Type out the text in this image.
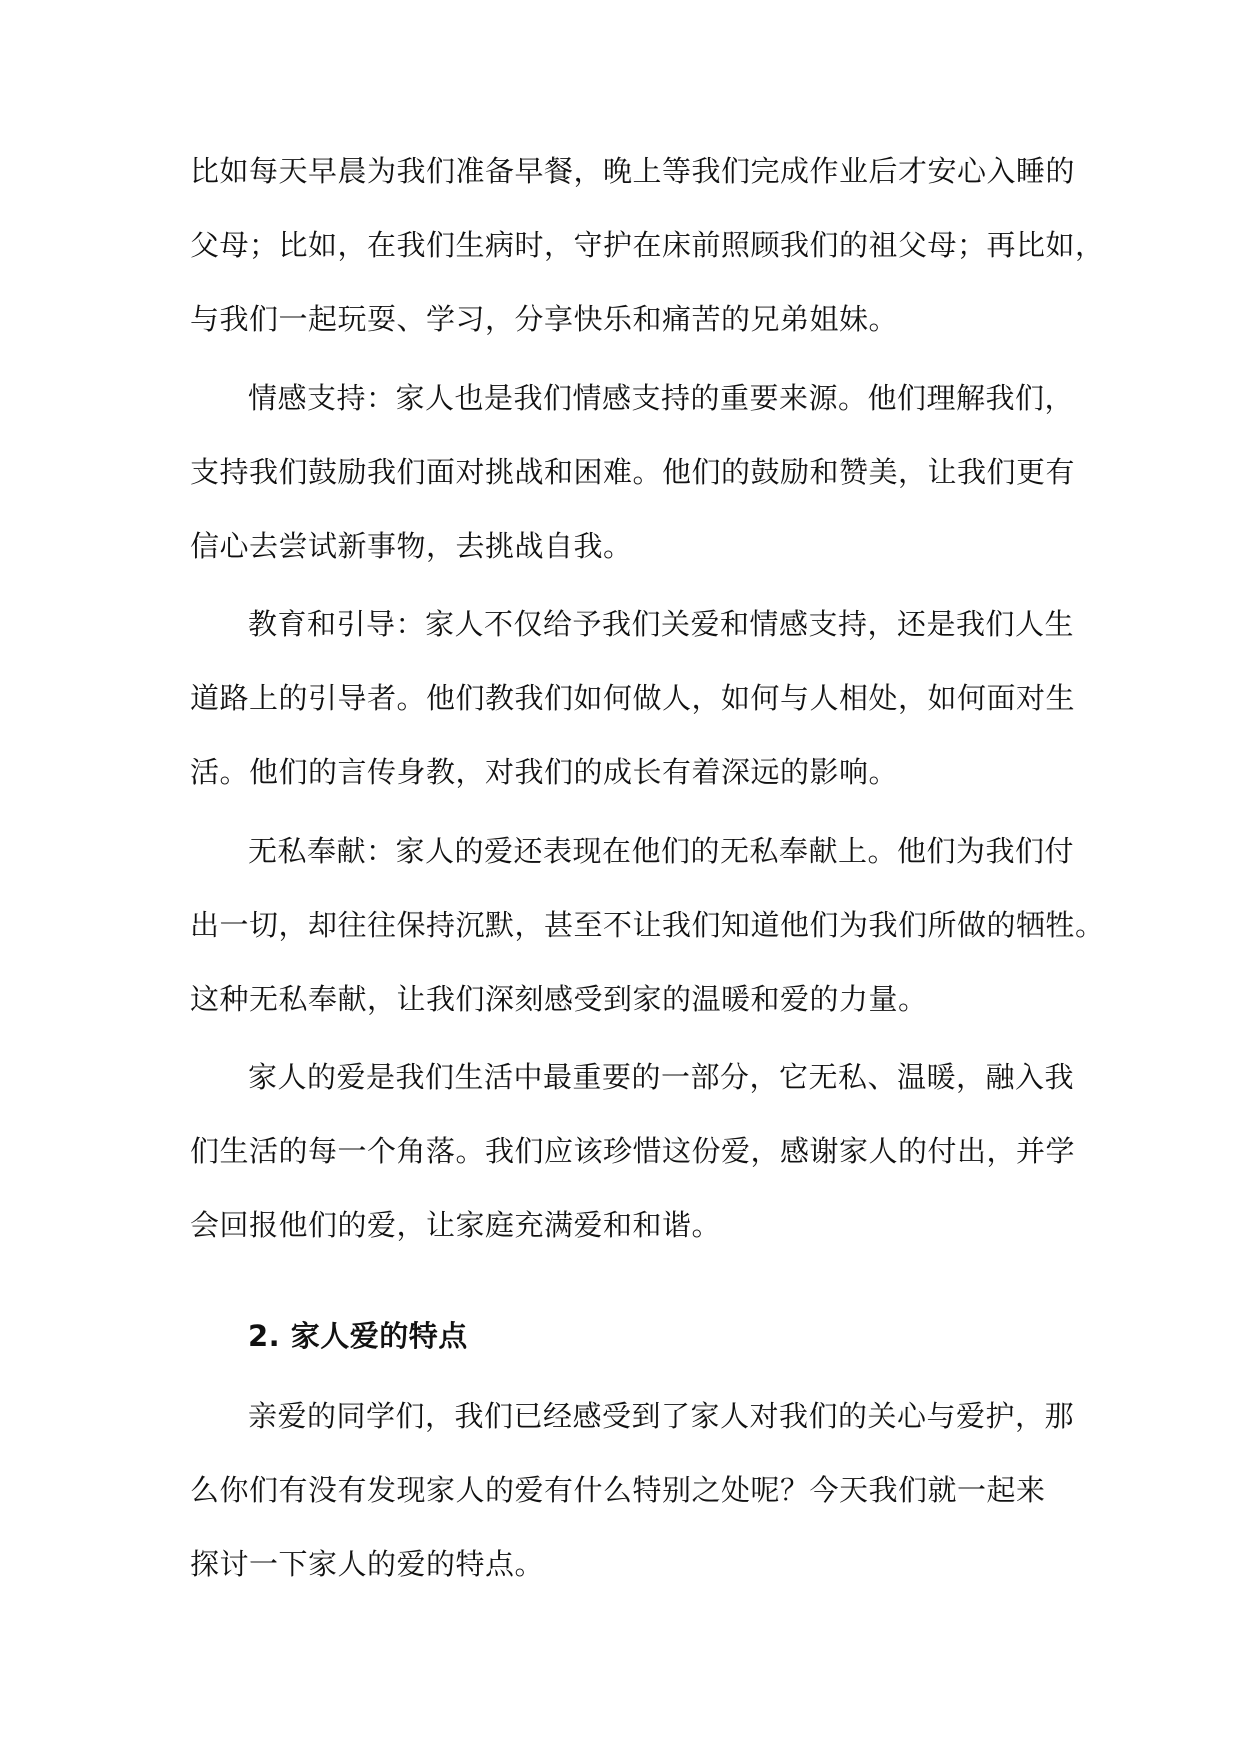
比如每天早晨为我们准备早餐，晚上等我们完成作业后才安心入睡的
父母；比如，在我们生病时，守护在床前照顾我们的祖父母；再比如，
与我们一起玩耍、学习，分享快乐和痛苦的兄弟姐妹。
情感支持：家人也是我们情感支持的重要来源。他们理解我们，
支持我们鼓励我们面对挑战和困难。他们的鼓励和赞美，让我们更有
信心去尝试新事物，去挑战自我。
教育和引导：家人不仅给予我们关爱和情感支持，还是我们人生
道路上的引导者。他们教我们如何做人，如何与人相处，如何面对生
活。他们的言传身教，对我们的成长有着深远的影响。
无私奉献：家人的爱还表现在他们的无私奉献上。他们为我们付
出一切，却往往保持沉默，甚至不让我们知道他们为我们所做的牺牲。
这种无私奉献，让我们深刻感受到家的温暖和爱的力量。
家人的爱是我们生活中最重要的一部分，它无私、温暖，融入我
们生活的每一个角落。我们应该珍惜这份爱，感谢家人的付出，并学
会回报他们的爱，让家庭充满爱和和谐。
2. 家人爱的特点
亲爱的同学们，我们已经感受到了家人对我们的关心与爱护，那
么你们有没有发现家人的爱有什么特别之处呢？今天我们就一起来
探讨一下家人的爱的特点。
